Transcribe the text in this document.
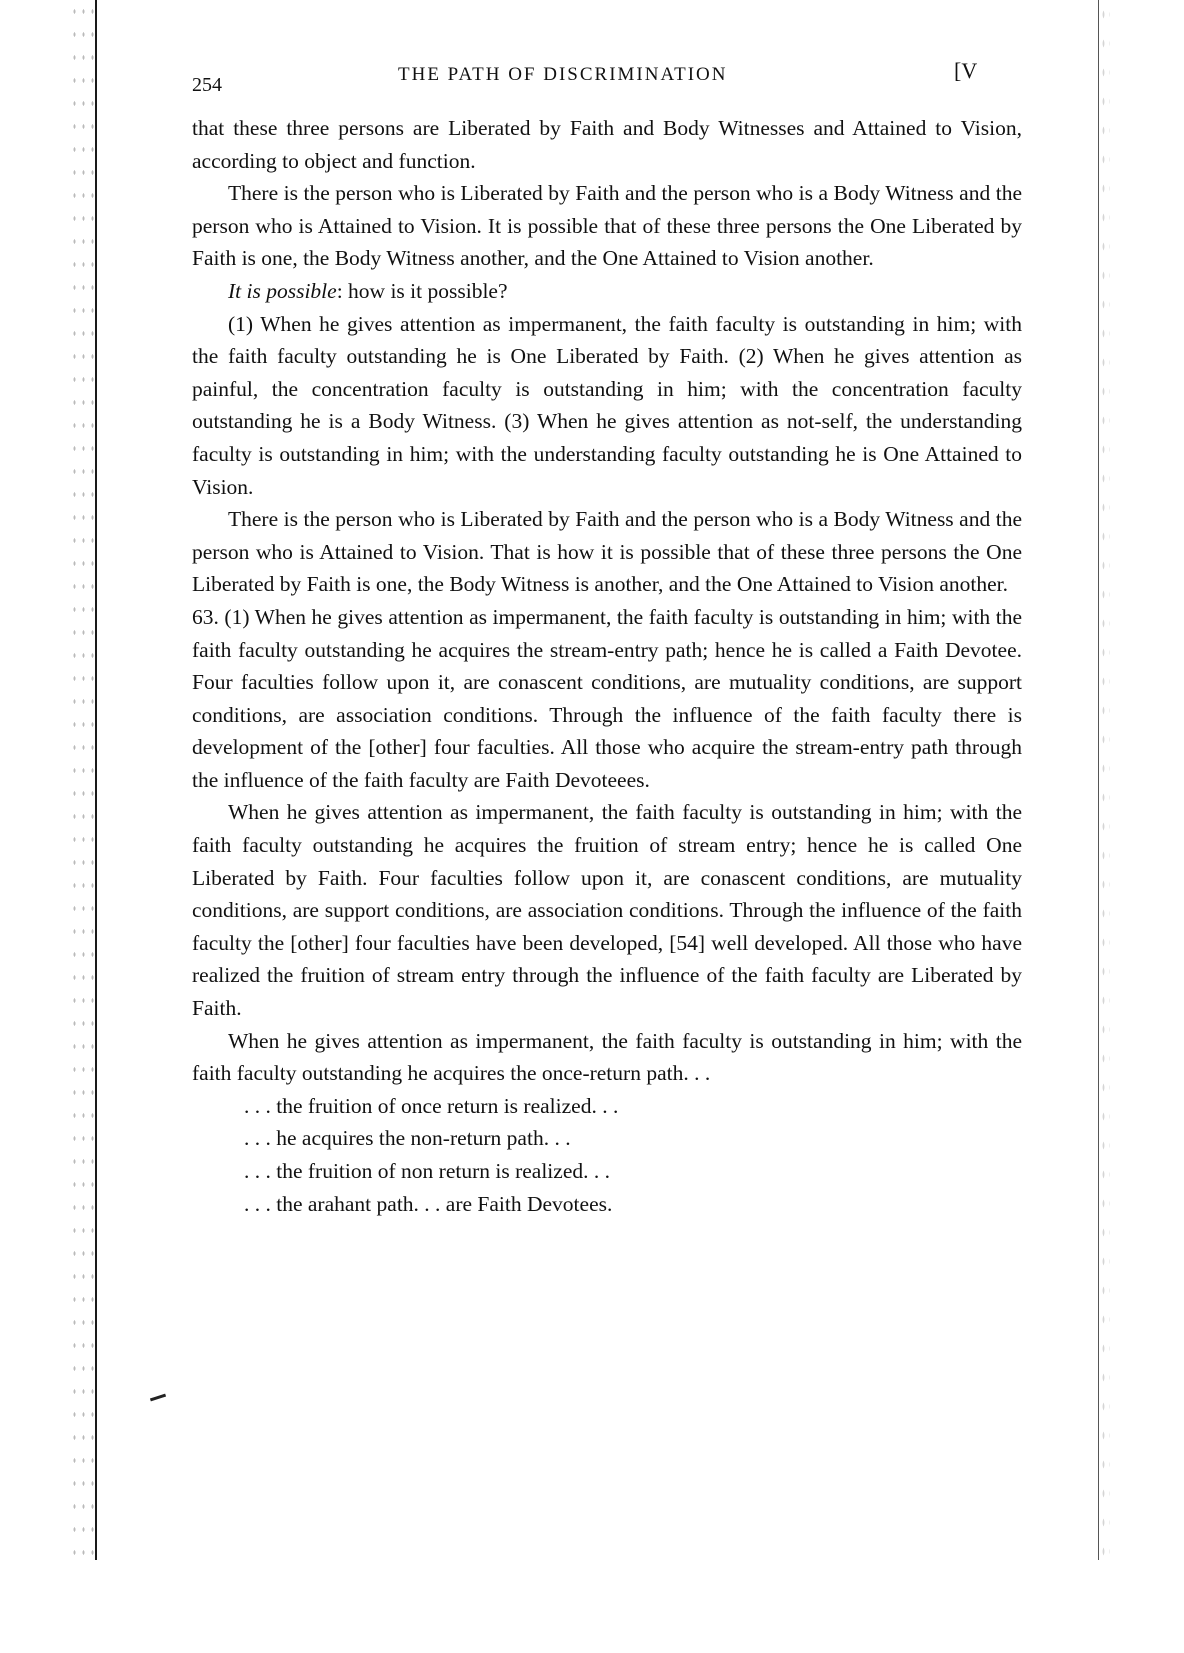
254	THE PATH OF DISCRIMINATION	[V

that these three persons are Liberated by Faith and Body Witnesses and Attained to Vision, according to object and function.

There is the person who is Liberated by Faith and the person who is a Body Witness and the person who is Attained to Vision. It is possible that of these three persons the One Liberated by Faith is one, the Body Witness another, and the One Attained to Vision another.

It is possible: how is it possible?

(1) When he gives attention as impermanent, the faith faculty is outstanding in him; with the faith faculty outstanding he is One Liberated by Faith. (2) When he gives attention as painful, the concentration faculty is outstanding in him; with the concentration faculty outstanding he is a Body Witness. (3) When he gives attention as not-self, the understanding faculty is outstanding in him; with the understanding faculty outstanding he is One Attained to Vision.

There is the person who is Liberated by Faith and the person who is a Body Witness and the person who is Attained to Vision. That is how it is possible that of these three persons the One Liberated by Faith is one, the Body Witness is another, and the One Attained to Vision another.

63. (1) When he gives attention as impermanent, the faith faculty is outstanding in him; with the faith faculty outstanding he acquires the stream-entry path; hence he is called a Faith Devotee. Four faculties follow upon it, are conascent conditions, are mutuality conditions, are support conditions, are association conditions. Through the influence of the faith faculty there is development of the [other] four faculties. All those who acquire the stream-entry path through the influence of the faith faculty are Faith Devoteees.

When he gives attention as impermanent, the faith faculty is outstanding in him; with the faith faculty outstanding he acquires the fruition of stream entry; hence he is called One Liberated by Faith. Four faculties follow upon it, are conascent conditions, are mutuality conditions, are support conditions, are association conditions. Through the influence of the faith faculty the [other] four faculties have been developed, [54] well developed. All those who have realized the fruition of stream entry through the influence of the faith faculty are Liberated by Faith.

When he gives attention as impermanent, the faith faculty is outstanding in him; with the faith faculty outstanding he acquires the once-return path. . .

. . . the fruition of once return is realized. . .

. . . he acquires the non-return path. . .

. . . the fruition of non return is realized. . .

. . . the arahant path. . . are Faith Devotees.
